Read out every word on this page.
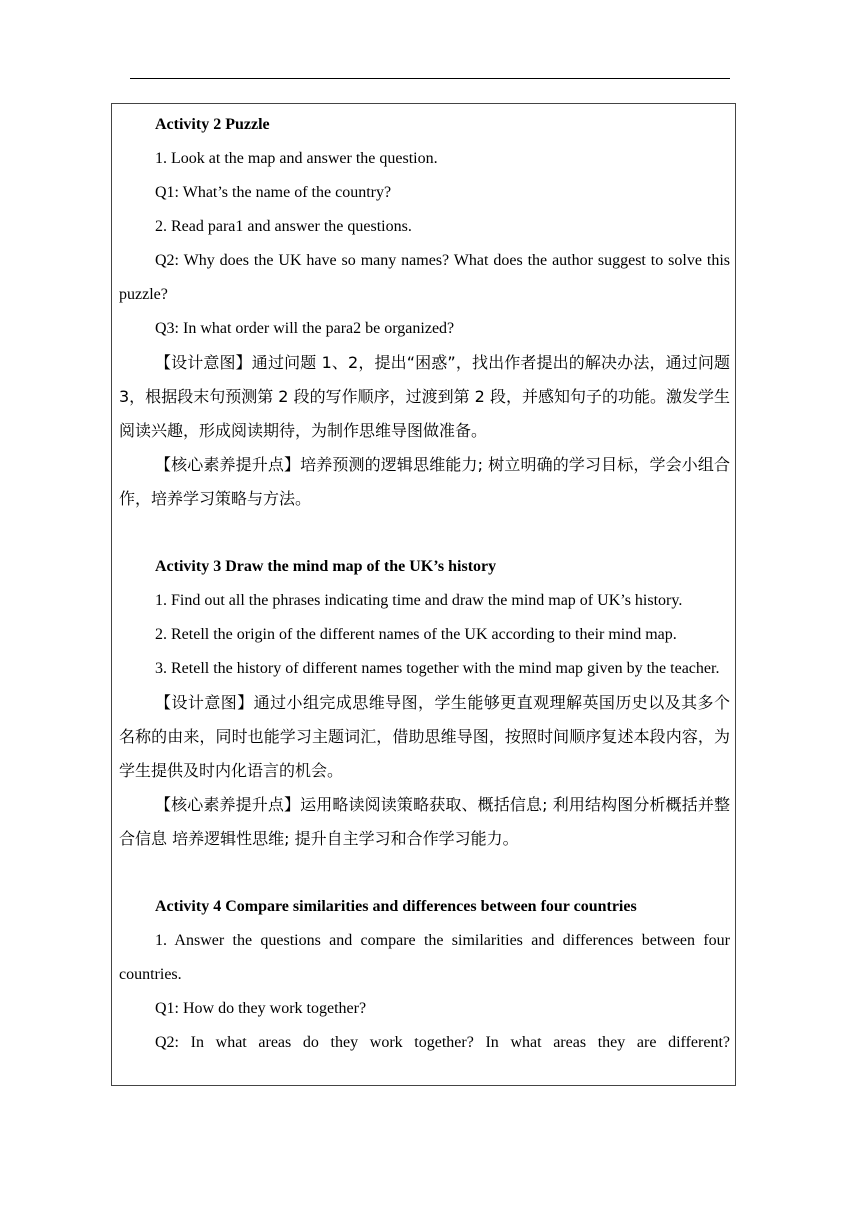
Activity 2 Puzzle

1. Look at the map and answer the question.

Q1: What’s the name of the country?

2. Read para1 and answer the questions.

Q2: Why does the UK have so many names? What does the author suggest to solve this puzzle?

Q3: In what order will the para2 be organized?

【设计意图】通过问题 1、2，提出“困惑”，找出作者提出的解决办法，通过问题 3，根据段末句预测第 2 段的写作顺序，过渡到第 2 段，并感知句子的功能。激发学生阅读兴趣，形成阅读期待，为制作思维导图做准备。

【核心素养提升点】培养预测的逻辑思维能力; 树立明确的学习目标，学会小组合作，培养学习策略与方法。

Activity 3 Draw the mind map of the UK’s history

1. Find out all the phrases indicating time and draw the mind map of UK’s history.

2. Retell the origin of the different names of the UK according to their mind map.

3. Retell the history of different names together with the mind map given by the teacher.

【设计意图】通过小组完成思维导图，学生能够更直观理解英国历史以及其多个名称的由来，同时也能学习主题词汇，借助思维导图，按照时间顺序复述本段内容，为学生提供及时内化语言的机会。

【核心素养提升点】运用略读阅读策略获取、概括信息; 利用结构图分析概括并整合信息 培养逻辑性思维; 提升自主学习和合作学习能力。

Activity 4 Compare similarities and differences between four countries

1. Answer the questions and compare the similarities and differences between four countries.

Q1: How do they work together?

Q2: In what areas do they work together? In what areas they are different?
